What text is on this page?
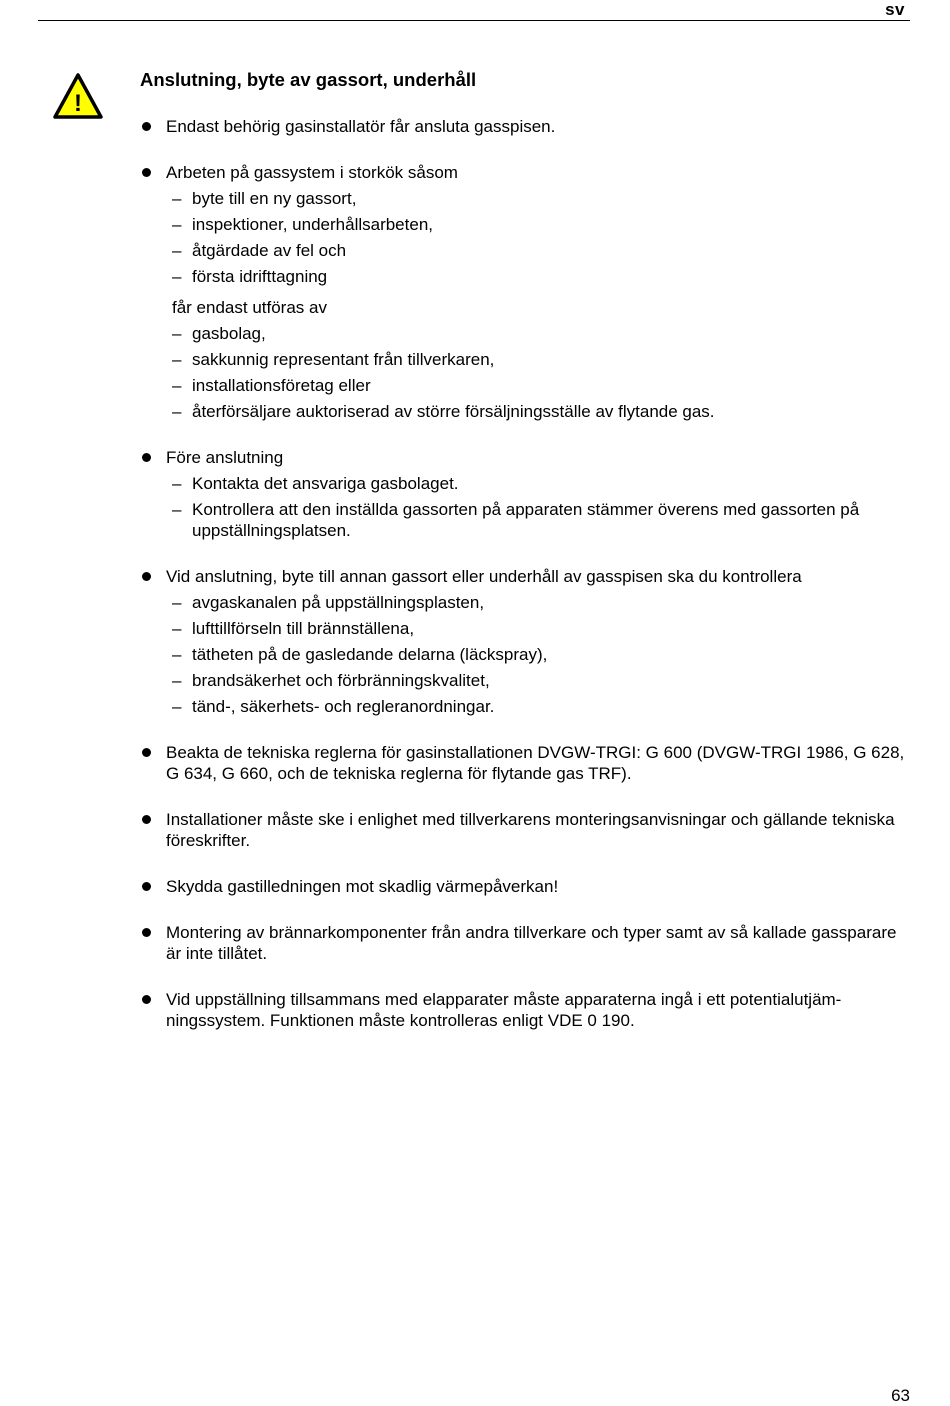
sv
!
Anslutning, byte av gassort, underhåll
Endast behörig gasinstallatör får ansluta gasspisen.
Arbeten på gassystem i storkök såsom
– byte till en ny gassort,
– inspektioner, underhållsarbeten,
– åtgärdade av fel och
– första idrifttagning
får endast utföras av
– gasbolag,
– sakkunnig representant från tillverkaren,
– installationsföretag eller
– återförsäljare auktoriserad av större försäljningsställe av flytande gas.
Före anslutning
– Kontakta det ansvariga gasbolaget.
– Kontrollera att den inställda gassorten på apparaten stämmer överens med gassorten på uppställningsplatsen.
Vid anslutning, byte till annan gassort eller underhåll av gasspisen ska du kontrollera
– avgaskanalen på uppställningsplasten,
– lufttillförseln till brännställena,
– tätheten på de gasledande delarna (läckspray),
– brandsäkerhet och förbränningskvalitet,
– tänd-, säkerhets- och regleranordningar.
Beakta de tekniska reglerna för gasinstallationen DVGW-TRGI: G 600 (DVGW-TRGI 1986, G 628, G 634, G 660, och de tekniska reglerna för flytande gas TRF).
Installationer måste ske i enlighet med tillverkarens monteringsanvisningar och gällande tekniska föreskrifter.
Skydda gastilledningen mot skadlig värmepåverkan!
Montering av brännarkomponenter från andra tillverkare och typer samt av så kallade gassparare är inte tillåtet.
Vid uppställning tillsammans med elapparater måste apparaterna ingå i ett potentialutjäm-ningssystem. Funktionen måste kontrolleras enligt VDE 0 190.
63
